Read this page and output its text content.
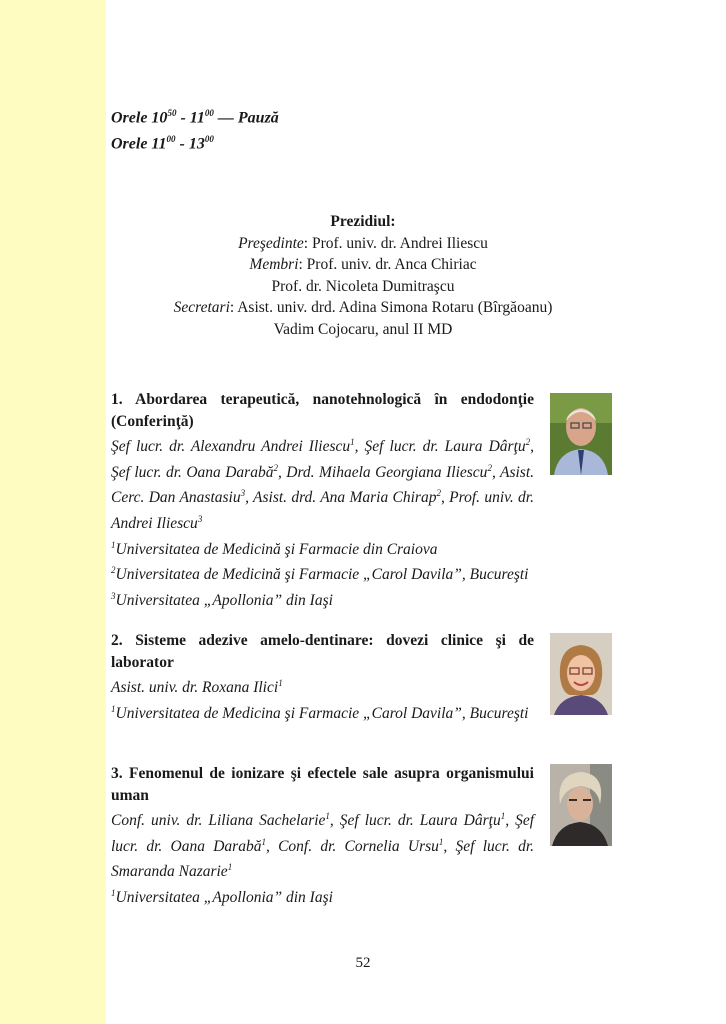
Orele $10^{50} - 11^{00}$ — Pauză
Orele $11^{00} - 13^{00}$
Prezidiul:
Preşedinte: Prof. univ. dr. Andrei Iliescu
Membri: Prof. univ. dr. Anca Chiriac
Prof. dr. Nicoleta Dumitraşcu
Secretari: Asist. univ. drd. Adina Simona Rotaru (Bîrgăoanu)
Vadim Cojocaru, anul II MD
1. Abordarea terapeutică, nanotehnologică în endodonţie (Conferinţă)
Şef lucr. dr. Alexandru Andrei Iliescu$^1$, Şef lucr. dr. Laura Dârţu$^2$, Şef lucr. dr. Oana Darabă$^2$, Drd. Mihaela Georgiana Iliescu$^2$, Asist. Cerc. Dan Anastasiu$^3$, Asist. drd. Ana Maria Chirap$^2$, Prof. univ. dr. Andrei Iliescu$^3$
$^1$Universitatea de Medicină şi Farmacie din Craiova
$^2$Universitatea de Medicină şi Farmacie „Carol Davila”, Bucureşti
$^3$Universitatea „Apollonia” din Iaşi
2. Sisteme adezive amelo-dentinare: dovezi clinice şi de laborator
Asist. univ. dr. Roxana Ilici$^1$
$^1$Universitatea de Medicina şi Farmacie „Carol Davila”, Bucureşti
3. Fenomenul de ionizare şi efectele sale asupra organismului uman
Conf. univ. dr. Liliana Sachelarie$^1$, Şef lucr. dr. Laura Dârţu$^1$, Şef lucr. dr. Oana Darabă$^1$, Conf. dr. Cornelia Ursu$^1$, Şef lucr. dr. Smaranda Nazarie$^1$
$^1$Universitatea „Apollonia” din Iaşi
52
